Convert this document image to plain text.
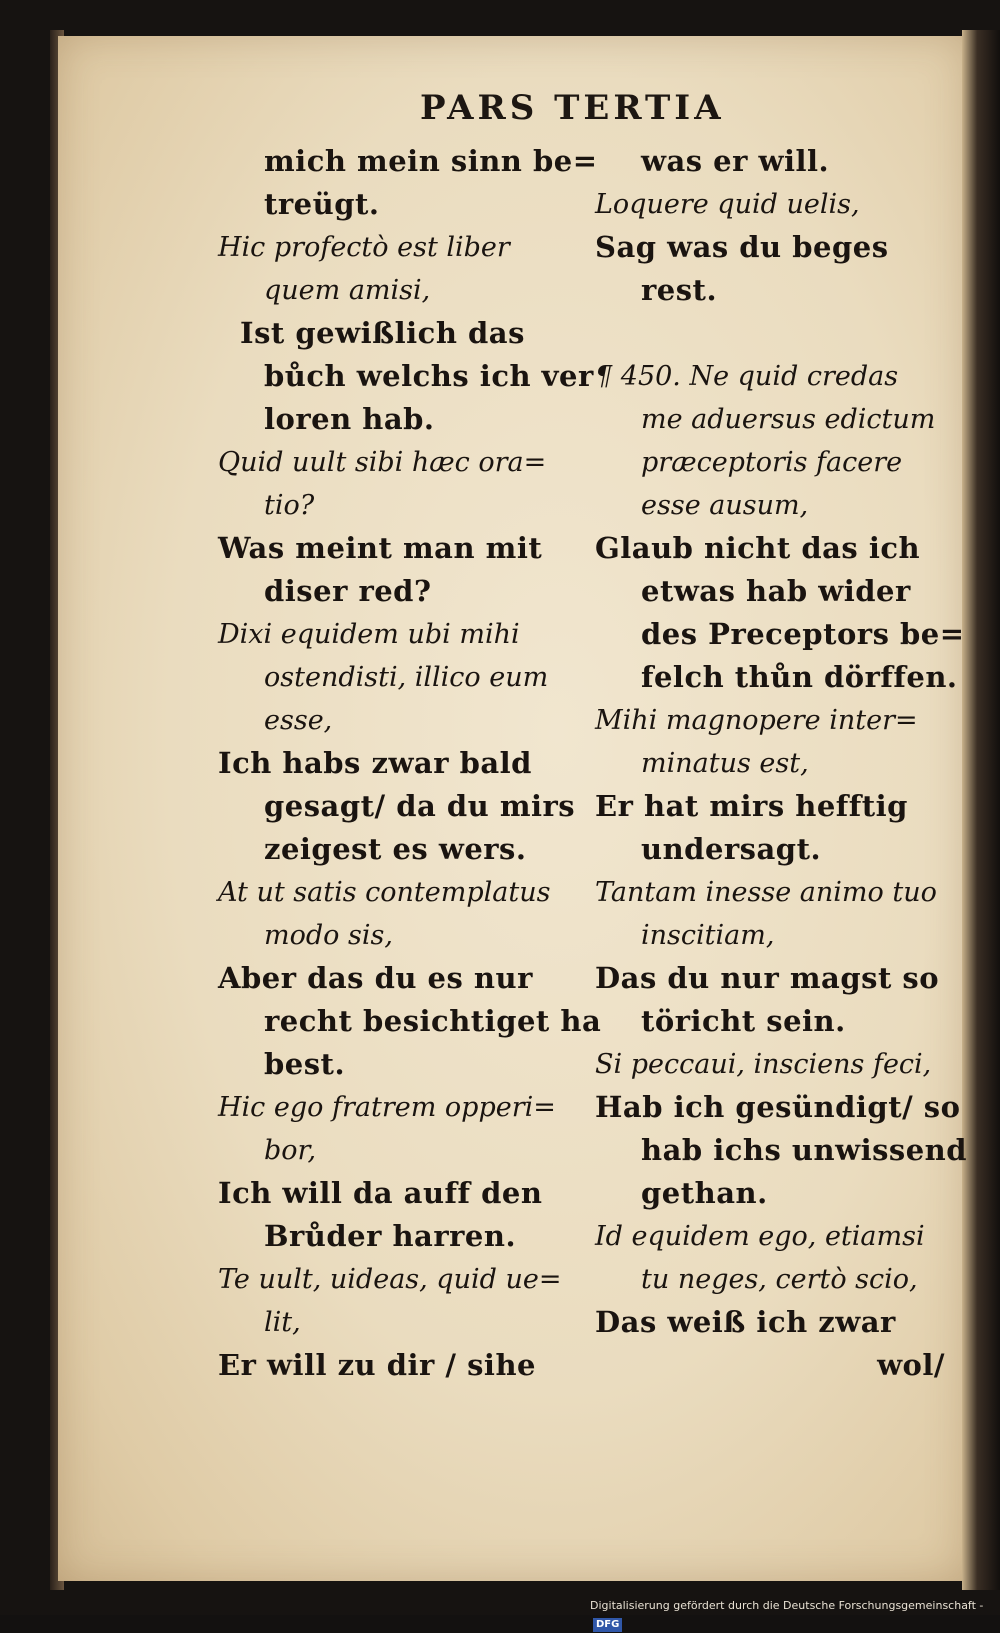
PARS TERTIA
mich mein sinn be=
treügt.
Hic profectò est liber
quem amisi,
Ist gewißlich das
bůch welchs ich ver
loren hab.
Quid uult sibi hæc ora=
tio?
Was meint man mit
diser red?
Dixi equidem ubi mihi
ostendisti, illico eum
esse,
Ich habs zwar bald
gesagt/ da du mirs
zeigest es wers.
At ut satis contemplatus
modo sis,
Aber das du es nur
recht besichtiget ha
best.
Hic ego fratrem opperi=
bor,
Ich will da auff den
Brůder harren.
Te uult, uideas, quid ue=
lit,
Er will zu dir / sihe
was er will.
Loquere quid uelis,
Sag was du beges
rest.
¶ 450. Ne quid credas
me aduersus edictum
præceptoris facere
esse ausum,
Glaub nicht das ich
etwas hab wider
des Preceptors be=
felch thůn dörffen.
Mihi magnopere inter=
minatus est,
Er hat mirs hefftig
undersagt.
Tantam inesse animo tuo
inscitiam,
Das du nur magst so
töricht sein.
Si peccaui, insciens feci,
Hab ich gesündigt/ so
hab ichs unwissend
gethan.
Id equidem ego, etiamsi
tu neges, certò scio,
Das weiß ich zwar
wol/
Digitalisierung gefördert durch die Deutsche Forschungsgemeinschaft - DFG
